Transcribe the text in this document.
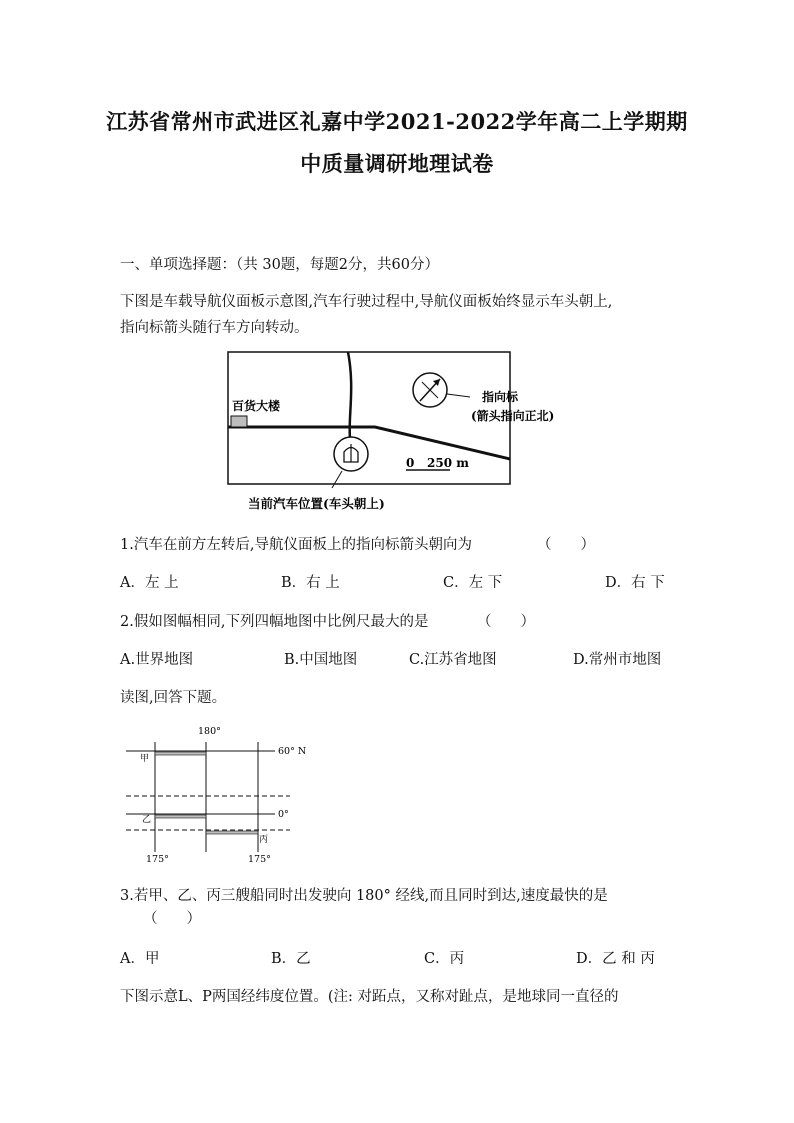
江苏省常州市武进区礼嘉中学2021-2022学年高二上学期期
中质量调研地理试卷
一、单项选择题：（共 30题，每题2分，共60分）
下图是车载导航仪面板示意图,汽车行驶过程中,导航仪面板始终显示车头朝上,
指向标箭头随行车方向转动。
百货大楼
指向标
(箭头指向正北)
0 250 m
当前汽车位置(车头朝上)
1.汽车在前方左转后,导航仪面板上的指向标箭头朝向为	（　　）
A．左 上	B．右 上	C．左 下	D．右 下
2.假如图幅相同,下列四幅地图中比例尺最大的是	（　　）
A.世界地图	B.中国地图	C.江苏省地图	D.常州市地图
读图,回答下题。
180°
60° N
0°
甲
乙
丙
175°	175°
3.若甲、乙、丙三艘船同时出发驶向 180° 经线,而且同时到达,速度最快的是
（　　）
A．甲	B．乙	C．丙	D．乙 和 丙
下图示意L、P两国经纬度位置。(注: 对跖点，又称对趾点，是地球同一直径的
